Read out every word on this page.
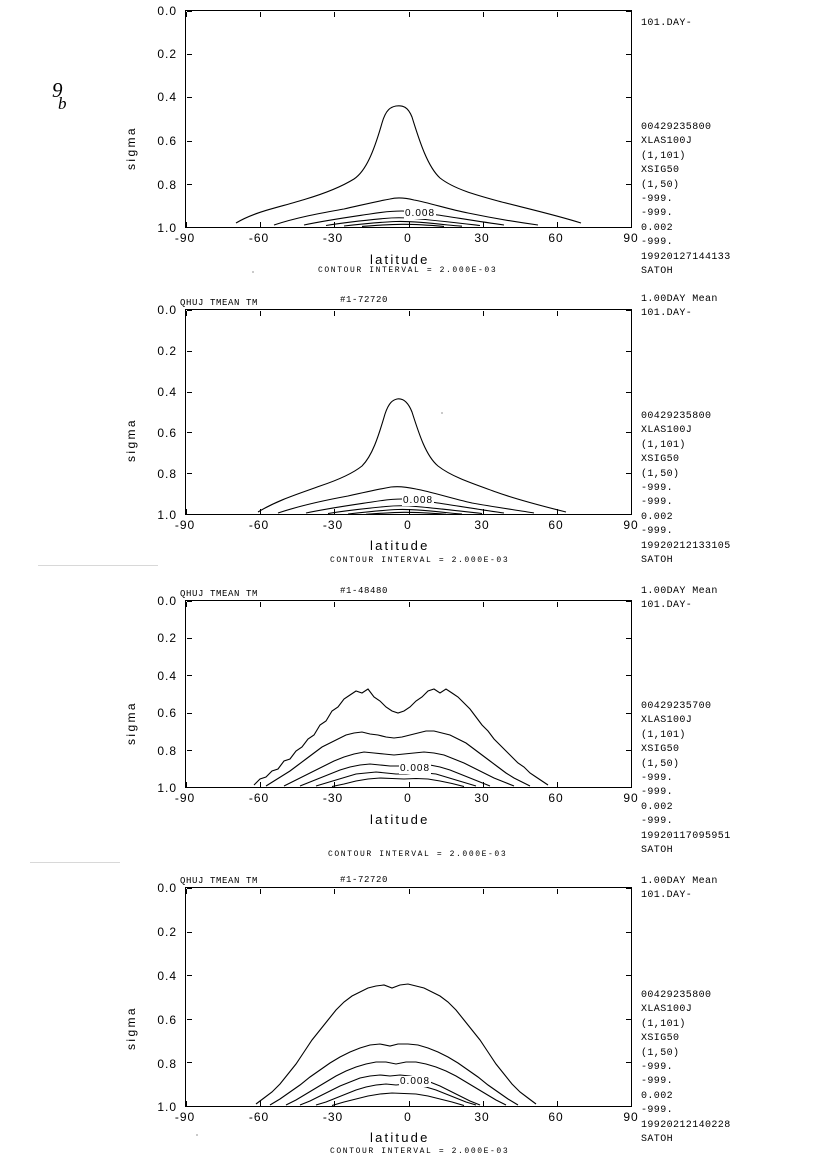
9
b
0.008
sigma
0.0
0.2
0.4
0.6
0.8
1.0
latitude
-90	-60	-30	0	30	60	90
CONTOUR INTERVAL = 2.000E-03

101.DAY-
00429235800
XLAS100J
(1,101)
XSIG50
(1,50)
-999.
-999.
0.002
-999.
19920127144133
SATOH
QHUJ TMEAN TM	#1-72720
0.008
sigma
0.0
0.2
0.4
0.6
0.8
1.0
latitude
-90	-60	-30	0	30	60	90
CONTOUR INTERVAL = 2.000E-03
1.00DAY Mean
101.DAY-
00429235800
XLAS100J
(1,101)
XSIG50
(1,50)
-999.
-999.
0.002
-999.
19920212133105
SATOH
QHUJ TMEAN TM	#1-48480
0.008
sigma
0.0
0.2
0.4
0.6
0.8
1.0
latitude
-90	-60	-30	0	30	60	90
CONTOUR INTERVAL = 2.000E-03
1.00DAY Mean
101.DAY-
00429235700
XLAS100J
(1,101)
XSIG50
(1,50)
-999.
-999.
0.002
-999.
19920117095951
SATOH
QHUJ TMEAN TM	#1-72720
0.008
sigma
0.0
0.2
0.4
0.6
0.8
1.0
latitude
-90	-60	-30	0	30	60	90
CONTOUR INTERVAL = 2.000E-03
1.00DAY Mean
101.DAY-
00429235800
XLAS100J
(1,101)
XSIG50
(1,50)
-999.
-999.
0.002
-999.
19920212140228
SATOH
